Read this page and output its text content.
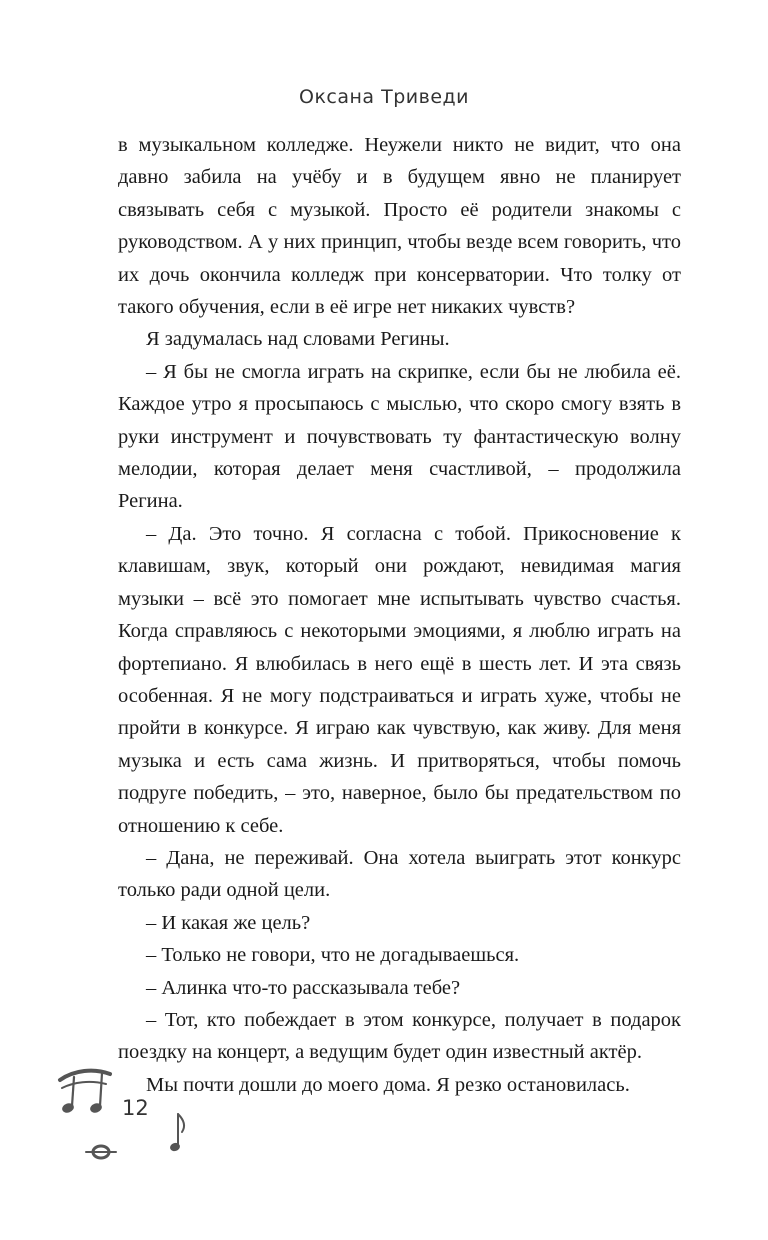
Оксана Триведи

в музыкальном колледже. Неужели никто не видит, что она давно забила на учёбу и в будущем явно не планирует связывать себя с музыкой. Просто её родители знакомы с руководством. А у них принцип, чтобы везде всем говорить, что их дочь окончила колледж при консерватории. Что толку от такого обучения, если в её игре нет никаких чувств?

Я задумалась над словами Регины.

– Я бы не смогла играть на скрипке, если бы не любила её. Каждое утро я просыпаюсь с мыслью, что скоро смогу взять в руки инструмент и почувствовать ту фантастическую волну мелодии, которая делает меня счастливой, – продолжила Регина.

– Да. Это точно. Я согласна с тобой. Прикосновение к клавишам, звук, который они рождают, невидимая магия музыки – всё это помогает мне испытывать чувство счастья. Когда справляюсь с некоторыми эмоциями, я люблю играть на фортепиано. Я влюбилась в него ещё в шесть лет. И эта связь особенная. Я не могу подстраиваться и играть хуже, чтобы не пройти в конкурсе. Я играю как чувствую, как живу. Для меня музыка и есть сама жизнь. И притворяться, чтобы помочь подруге победить, – это, наверное, было бы предательством по отношению к себе.

– Дана, не переживай. Она хотела выиграть этот конкурс только ради одной цели.

– И какая же цель?

– Только не говори, что не догадываешься.

– Алинка что-то рассказывала тебе?

– Тот, кто побеждает в этом конкурсе, получает в подарок поездку на концерт, а ведущим будет один известный актёр.

Мы почти дошли до моего дома. Я резко остановилась.

12
